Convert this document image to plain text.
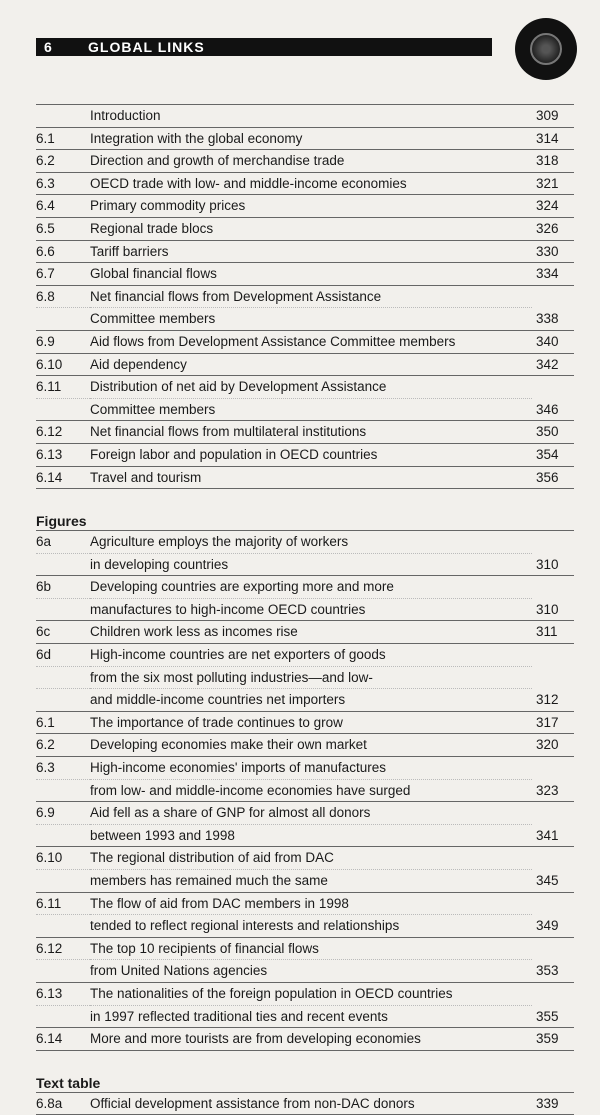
6	GLOBAL LINKS
Introduction	309
6.1	Integration with the global economy	314
6.2	Direction and growth of merchandise trade	318
6.3	OECD trade with low- and middle-income economies	321
6.4	Primary commodity prices	324
6.5	Regional trade blocs	326
6.6	Tariff barriers	330
6.7	Global financial flows	334
6.8	Net financial flows from Development Assistance
Committee members	338
6.9	Aid flows from Development Assistance Committee members	340
6.10	Aid dependency	342
6.11	Distribution of net aid by Development Assistance
Committee members	346
6.12	Net financial flows from multilateral institutions	350
6.13	Foreign labor and population in OECD countries	354
6.14	Travel and tourism	356
Figures
6a	Agriculture employs the majority of workers
in developing countries	310
6b	Developing countries are exporting more and more
manufactures to high-income OECD countries	310
6c	Children work less as incomes rise	311
6d	High-income countries are net exporters of goods
from the six most polluting industries—and low-
and middle-income countries net importers	312
6.1	The importance of trade continues to grow	317
6.2	Developing economies make their own market	320
6.3	High-income economies' imports of manufactures
from low- and middle-income economies have surged	323
6.9	Aid fell as a share of GNP for almost all donors
between 1993 and 1998	341
6.10	The regional distribution of aid from DAC
members has remained much the same	345
6.11	The flow of aid from DAC members in 1998
tended to reflect regional interests and relationships	349
6.12	The top 10 recipients of financial flows
from United Nations agencies	353
6.13	The nationalities of the foreign population in OECD countries
in 1997 reflected traditional ties and recent events	355
6.14	More and more tourists are from developing economies	359
Text table
6.8a	Official development assistance from non-DAC donors	339
